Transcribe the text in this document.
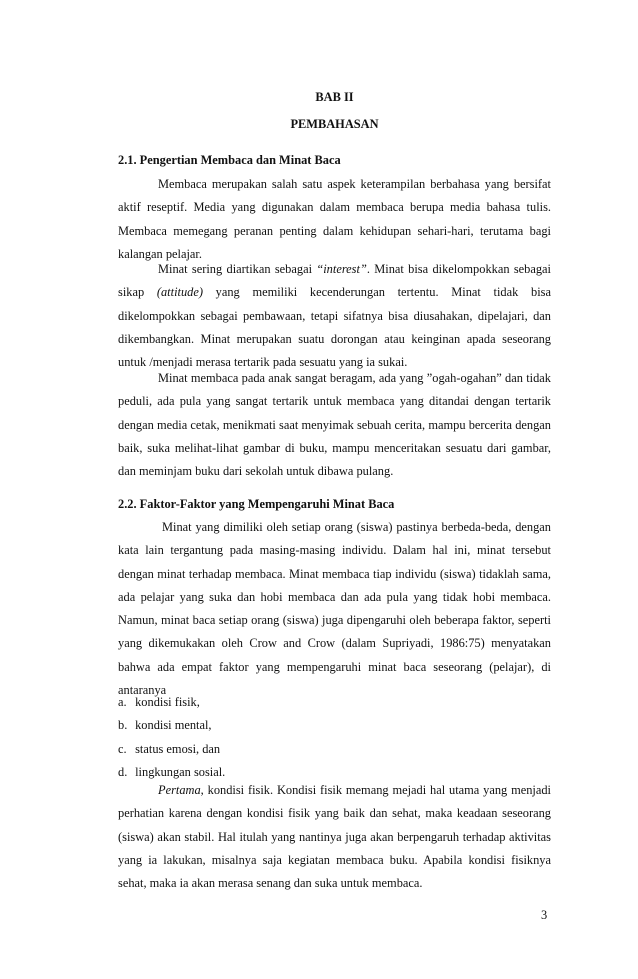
BAB II

PEMBAHASAN

2.1. Pengertian Membaca dan Minat Baca

Membaca merupakan salah satu aspek keterampilan berbahasa yang bersifat aktif reseptif. Media yang digunakan dalam membaca berupa media bahasa tulis. Membaca memegang peranan penting dalam kehidupan sehari-hari, terutama bagi kalangan pelajar.

Minat sering diartikan sebagai “interest”. Minat bisa dikelompokkan sebagai sikap (attitude) yang memiliki kecenderungan tertentu. Minat tidak bisa dikelompokkan sebagai pembawaan, tetapi sifatnya bisa diusahakan, dipelajari, dan dikembangkan. Minat merupakan suatu dorongan atau keinginan apada seseorang untuk /menjadi merasa tertarik pada sesuatu yang ia sukai.

Minat membaca pada anak sangat beragam, ada yang ”ogah-ogahan” dan tidak peduli, ada pula yang sangat tertarik untuk membaca yang ditandai dengan tertarik dengan media cetak, menikmati saat menyimak sebuah cerita, mampu bercerita dengan baik, suka melihat-lihat gambar di buku, mampu menceritakan sesuatu dari gambar, dan meminjam buku dari sekolah untuk dibawa pulang.

2.2. Faktor-Faktor yang Mempengaruhi Minat Baca

Minat yang dimiliki oleh setiap orang (siswa) pastinya berbeda-beda, dengan kata lain tergantung pada masing-masing individu. Dalam hal ini, minat tersebut dengan minat terhadap membaca. Minat membaca tiap individu (siswa) tidaklah sama, ada pelajar yang suka dan hobi membaca dan ada pula yang tidak hobi membaca. Namun, minat baca setiap orang (siswa) juga dipengaruhi oleh beberapa faktor, seperti yang dikemukakan oleh Crow and Crow (dalam Supriyadi, 1986:75) menyatakan bahwa ada empat faktor yang mempengaruhi minat baca seseorang (pelajar), di antaranya

a. kondisi fisik,
b. kondisi mental,
c. status emosi, dan
d. lingkungan sosial.

Pertama, kondisi fisik. Kondisi fisik memang mejadi hal utama yang menjadi perhatian karena dengan kondisi fisik yang baik dan sehat, maka keadaan seseorang (siswa) akan stabil. Hal itulah yang nantinya juga akan berpengaruh terhadap aktivitas yang ia lakukan, misalnya saja kegiatan membaca buku. Apabila kondisi fisiknya sehat, maka ia akan merasa senang dan suka untuk membaca.

3
